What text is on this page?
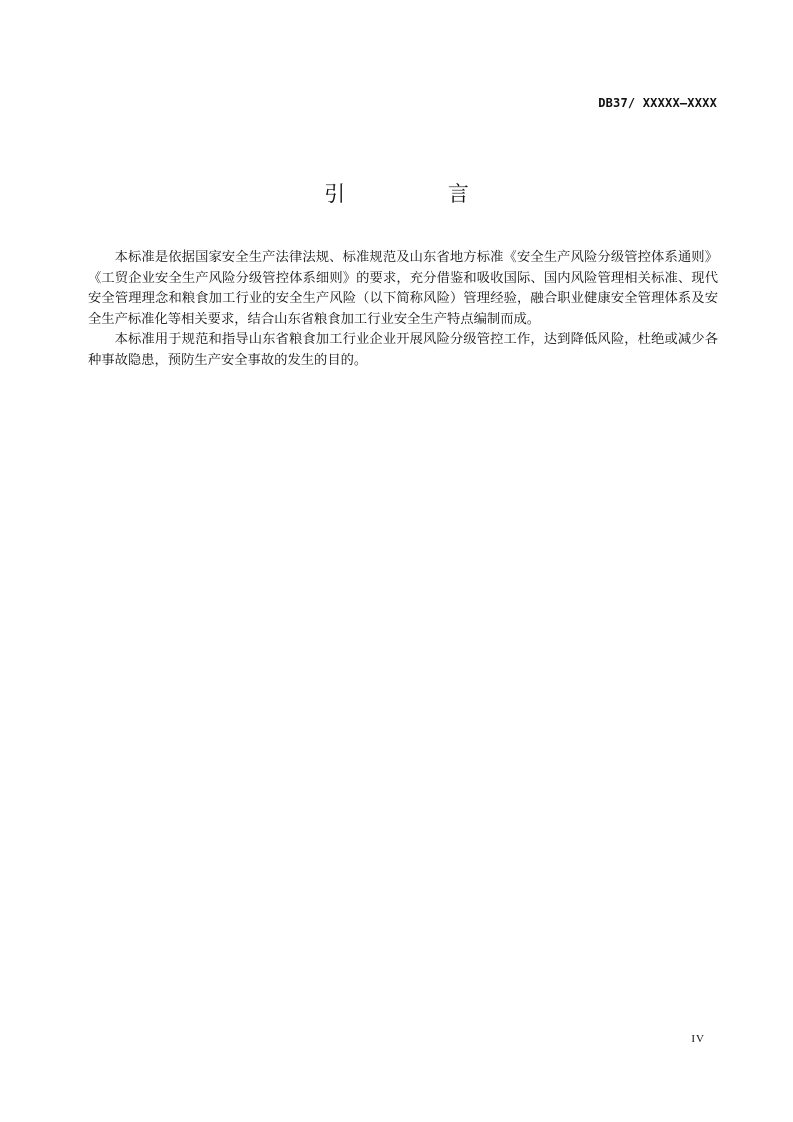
DB37/ XXXXX—XXXX
引 言

本标准是依据国家安全生产法律法规、标准规范及山东省地方标准《安全生产风险分级管控体系通则》《工贸企业安全生产风险分级管控体系细则》的要求，充分借鉴和吸收国际、国内风险管理相关标准、现代安全管理理念和粮食加工行业的安全生产风险（以下简称风险）管理经验，融合职业健康安全管理体系及安全生产标准化等相关要求，结合山东省粮食加工行业安全生产特点编制而成。

本标准用于规范和指导山东省粮食加工行业企业开展风险分级管控工作，达到降低风险，杜绝或减少各种事故隐患，预防生产安全事故的发生的目的。

IV
